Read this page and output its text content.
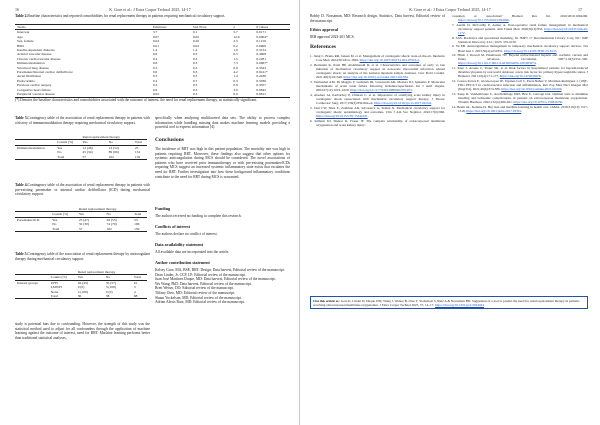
16	K. Gore et al.: J Extra Corpor Technol 2025, 14-17
Table 2.Baseline characteristics and reported comorbidities for renal replacement therapy in patients requiring mechanical circulatory support.
Terms	Estimates	Std. Error	z	P values
Intercept	3.7	0.1	5.7	0.0171
Age	0.07	0.02	12.9	0.0004*
Sex, female	0.04	0.26	2.5	0.1159
BMI	0.01	0.04	0.2	0.6909
Insulin-dependent diabetes	1.4	1.4	1.0	0.3154
Arterial vascular disease	0.6	0.3	0.5	0.4608
Chronic cardiovascular disease	0.4	0.3	1.5	0.2281
Immunomodulation	0.8	0.3	7.3	0.0067*
Structural lung disease	0.3	0.3	0.9	0.3343
Pacemaker/Internal cardiac defibrillator	0.6	0.3	4.2	0.0411*
Atrial fibrillation	0.3	0.3	1.4	0.2430
Endocarditis	0.4	0.7	0.3	0.5936
Previous cardiac surgery	0.3	0.3	0.9	0.3357
Congestive heart failure	0.6	0.3	3.0	0.0845
Peripheral vascular disease	0.02	0.3	0.0	0.9611
(*) Denotes the baseline characteristics and comorbidities associated with the outcome of interest, the need for renal replacement therapy, as statistically significant.
Table 3.Contingency table of the association of renal replacement therapy in patients with a history of immunomodulation therapy requiring mechanical circulatory support.
		Renal replacement therapy		
	Counts (%)	Yes	No	Total
Immunomodulation	Yes	12 (48)	13 (52)	25
	No	45 (34)	89 (66)	134
	Total	57	102	159
Table 4.Contingency table of the association of renal replacement therapy in patients with pre-existing pacemaker or internal cardiac defibrillator (ICD) during mechanical circulatory support.
		Renal replacement therapy		
	Counts (%)	Yes	No	Total
Pacemaker/ICD	Yes	25 (47)	28 (53)	53
	No	32 (30)	74 (70)	106
	Total	57	102	159
Table 5.Contingency table of the association of renal replacement therapy by anticoagulant therapy during mechanical circulatory support.
		Renal replacement therapy		
	Counts (%)	Yes	No	Total
Interest groups	UFH	26 (43)	35 (57)	61
	LMWH	0 (0)	3 (100)	3
	None	4 (100)	0 (0)	4
	Total	30	38	68
study is potential bias due to confounding. However, the strength of this study was the statistical method used to adjust for all confounders through the application of machine learning against the outcome of interest, need for RRT. Machine learning performs better than traditional statistical analyses,
specifically when analyzing multifaceted data sets. The ability to process complex information while handling missing data makes machine learning models providing a powerful tool to express information [4].
Conclusions
The incidence of RRT was high in this patient population. The mortality rate was high in patients requiring RRT. Moreover, these findings also suggest that other options for systemic anticoagulation during MCS should be considered. The novel associations of patients who have received prior immunotherapy or with pre-existing pacemaker/ICDs requiring MCS suggest an increased systemic inflammatory state exists that escalates the need for RRT. Further investigation into how these background inflammatory conditions contribute to the need for RRT during MCS is warranted.
Funding
The authors received no funding to complete this research.
Conflicts of interest
The authors declare no conflict of interest.
Data availability statement
All available data are incorporated into the article.
Author contribution statement

Kelsey Gore, MA, BSE, RRT: Design, Data harvest, Editorial review of the manuscript.

Dean Linder, Jr, CCP, LP: Editorial review of the manuscript.

Juan José Martínez Duque, MD: Data harvest, Editorial review of the manuscript.

Wu Wang, PhD: Data harvest, Editorial review of the manuscript.

Brett Weiser, DO: Editorial review of the manuscript.

Tiffany Oteo, MD: Editorial review of the manuscript.

Shaun Yockelson, MD: Editorial review of the manuscript.

Adrian Alexis Ruiz, MD: Editorial review of the manuscript.

K. Gore et al.: J Extra Corpor Technol 2025, 14-17	17
Bobby D. Nossaman, MD: Research design, Statistics, Data harvest, Editorial review of the manuscript.
Ethics approval
IRB approval 2023-201 MCS.
References

1. Jiang C, Bruno RR, Jansen M, et al. Management of cardiogenic shock: state-of-the-art. Intensive Care Med. 2024;50:1814–1829. https://doi.org/10.1007/s00134-024-07616-x.

2. Bernstein K, Patel HP, Abdelmassih R, et al. Characteristics and outcomes of early vs late initiation of mechanical circulatory support in non-acute myocardial infarction related cardiogenic shock: an analysis of the national inpatient sample database. Curr Probl Cardiol. 2021;48(3):101548. https://doi.org/10.1016/j.cpcardiol.2023.101584.

3. Vermeulen AM, Di Maggio F, Lesinnen IR, Groenveld AR, Mosters RJ, Spikema P. Molecular mechanisms of acute renal failure following ischemia/reperfusion. Int J Artif Organs. 2004;27(12):1019–1029. https://doi.org/10.1177/039139880402701203.

4. Abedeer AI, Karbartley P, Chiuran C, et al. Importance of stratifying acute kidney injury in cardiogenic shock resuscitated with mechanical circulatory support therapy. J Thorac Cardiovasc Surg. 2017;156(3):850-864.e4. https://doi.org/10.1016/j.jtcvs.2017.04.042.

5. Tam CW, Shen E, Zeidman AD, Srivastava A, Toman N. Mechanical circulatory support for cardiogenic shock: epidemiology and outcomes. Clin J Am Soc Nephrol. 2022;17(6):960. https://doi.org/10.2215/CJN.15341021.

6. Kilburn DJ, Shekar K, Fraser JF. The complex relationship of extracorporeal membrane oxygenation and acute kidney injury:

causation or association? Biomed Res Int. 2016;2016:1094296. https://doi.org/10.1155/2016/1094296.

7. Austin D, McCarthy P, Asmar A. Post-operative renal failure management in mechanical circulatory support patients. Ann Transl Med. 2020;8(13):833. https://doi.org/10.21037/atm-20-1172.

8. SAS. Predictive and specialized modeling, In: JMP® 17 Documentation Library. Cary, NC: JMP Statistical Discovery LLC; 2023. 355-6150.

9. Yu EB. Anticoagulation management in temporary mechanical circulatory support devices. Tex Heart Inst J. 2023;50(4):e231831. https://doi.org/10.14503/THIJ-23-8135.

10. Hirsh J, Dowell M, Eikelboom JW. Beyond unfractionated heparin and warfarin: current and future advances. Circulation. 2007;116(5):552–560. https://doi.org/10.1161/CIRCULATIONAHA.106.685974.

11. Kaur J, Arsene C, Yadav SK, et al. Risk factors in hospitalized patients for heparin-induced thrombocytopenia by real world database: a new risk factor for primary hypercoagulable states. J Hematol. 2021;10(4):171-177. https://doi.org/10.14740/jh676.

12. Cesaro-Torres E, Alcala-Lopez JE, Espinet-Coll C, Peral-Nuñez V, Martinez-Rodriguez J. (18)F-FDG PET/CT in cardiovascular infection and inflammation. Rev Esp Med Nucl Imagen Mol (Engl Ed). 2021;40(6):374-386. https://doi.org/10.1016/j.remnie.2021.09.006.

13. Kaup R, Vandenbroele C, Arachchillage DRJ, Brie E, Giovagi DA. Optimal tests to minimise bleeding and ischaemic complications in patients on extracorporeal membrane oxygenation. Thromb Haemost. 2022;122(4):480-491. https://doi.org/10.1055/a-1508-8230.

14. Beam AL, Kohane IS. Big data and machine learning in health care. JAMA. 2018;319(13):1317-1318. https://doi.org/10.1001/jama.2017.18391.

Cite this article as: Gore K, Linder D, Duque JJM, Wang J, Weiser B, Oteo T, Yockelson S, Ruiz A & Nossaman BD. Suggestion of a tool to predict the need for renal replacement therapy in patients receiving extracorporeal membrane oxygenation. J Extra Corpor Technol 2025, 57, 14–17. https://doi.org/10.1051/ject/2024044
